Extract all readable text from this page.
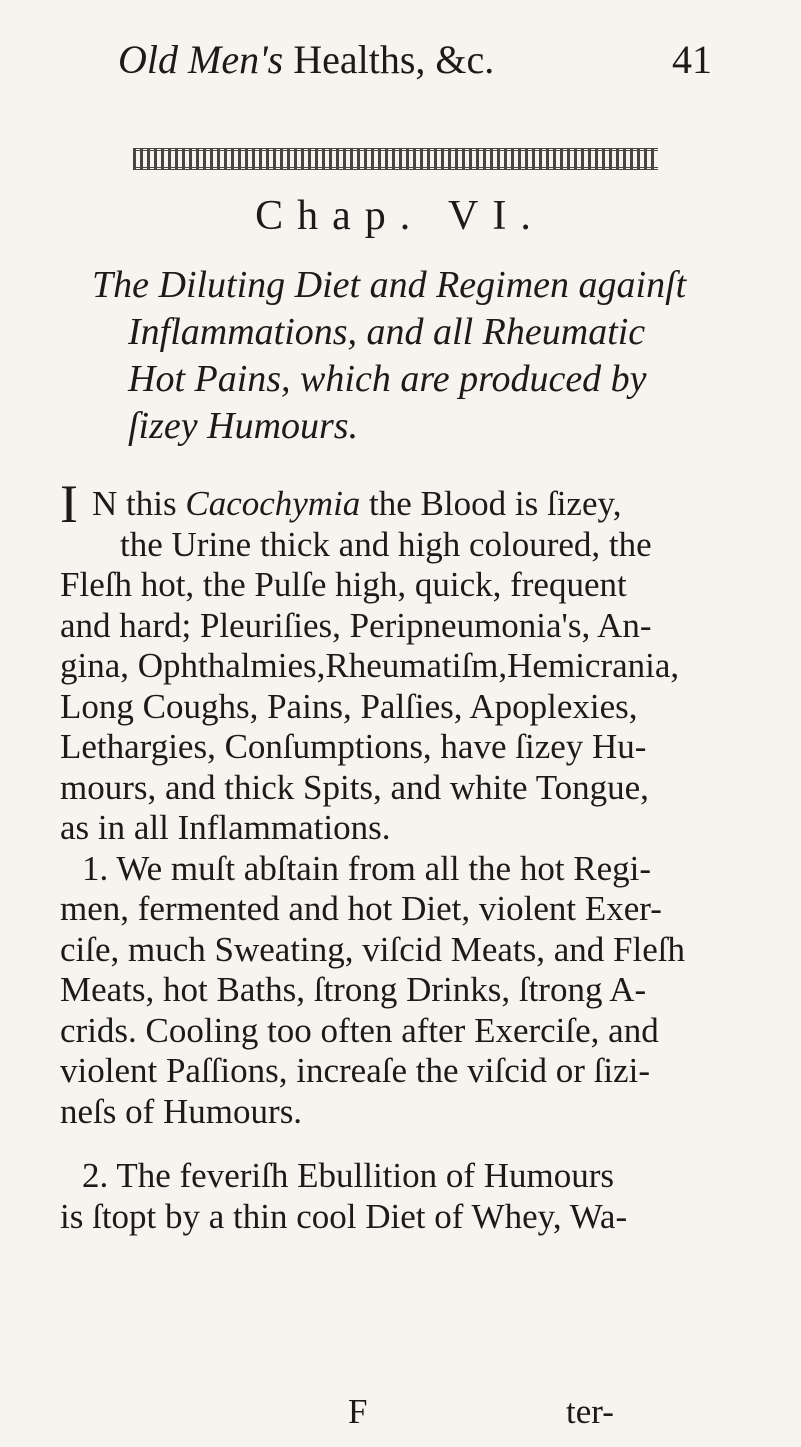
Old Men's Healths, &c.	41
Chap. VI.
The Diluting Diet and Regimen againſt
Inflammations, and all Rheumatic
Hot Pains, which are produced by
ſizey Humours.
I N this Cacochymia the Blood is ſizey,
the Urine thick and high coloured, the
Fleſh hot, the Pulſe high, quick, frequent
and hard; Pleuriſies, Peripneumonia's, An-
gina, Ophthalmies,Rheumatiſm,Hemicrania,
Long Coughs, Pains, Palſies, Apoplexies,
Lethargies, Conſumptions, have ſizey Hu-
mours, and thick Spits, and white Tongue,
as in all Inflammations.
1. We muſt abſtain from all the hot Regi-
men, fermented and hot Diet, violent Exer-
ciſe, much Sweating, viſcid Meats, and Fleſh
Meats, hot Baths, ſtrong Drinks, ſtrong A-
crids. Cooling too often after Exerciſe, and
violent Paſſions, increaſe the viſcid or ſizi-
neſs of Humours.
2. The feveriſh Ebullition of Humours
is ſtopt by a thin cool Diet of Whey, Wa-
F	ter-
